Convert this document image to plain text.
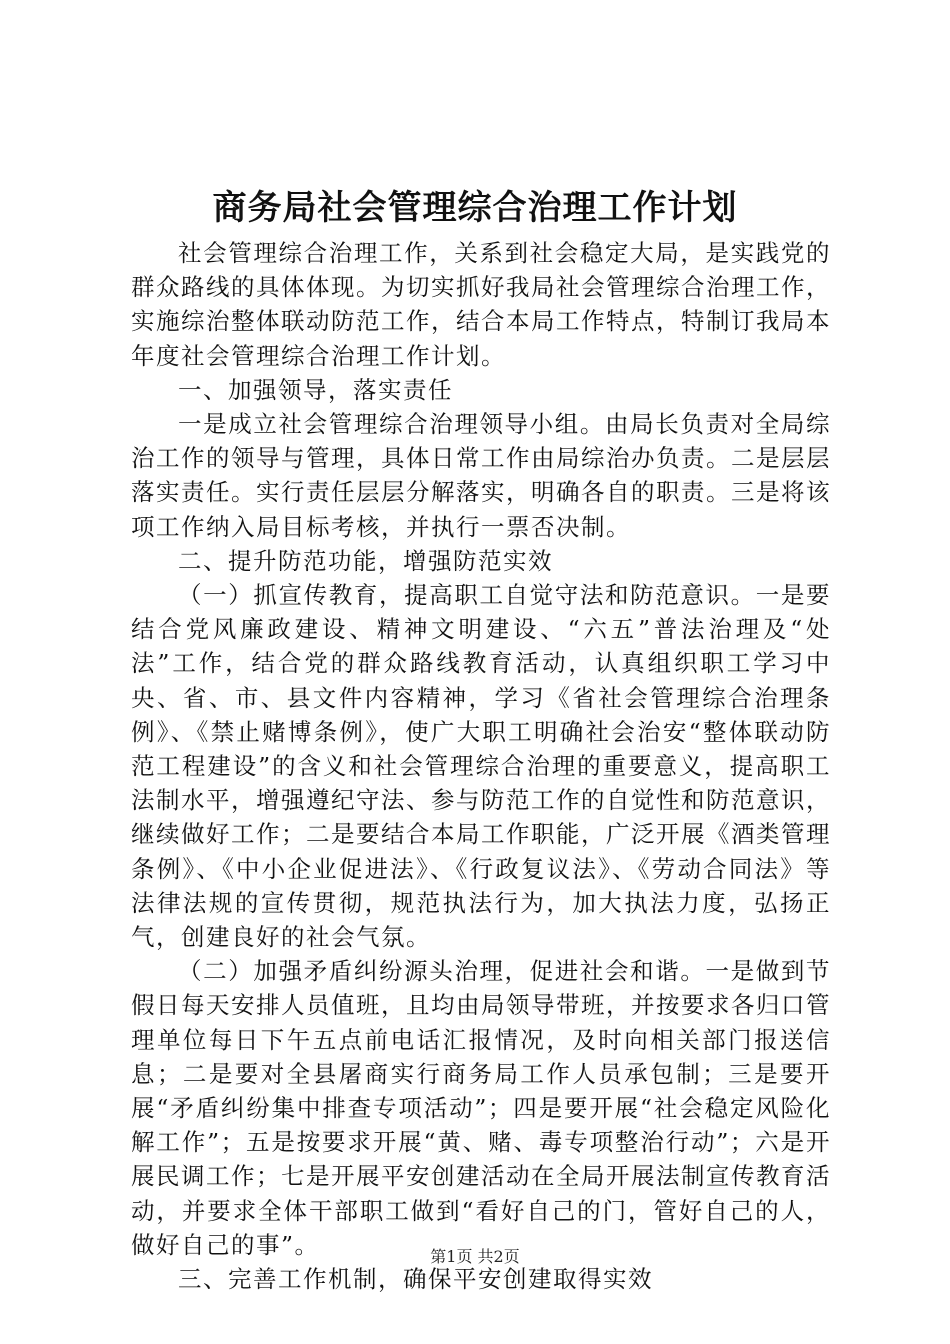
商务局社会管理综合治理工作计划

社会管理综合治理工作，关系到社会稳定大局，是实践党的群众路线的具体体现。为切实抓好我局社会管理综合治理工作，实施综治整体联动防范工作，结合本局工作特点，特制订我局本年度社会管理综合治理工作计划。

一、加强领导，落实责任

一是成立社会管理综合治理领导小组。由局长负责对全局综治工作的领导与管理，具体日常工作由局综治办负责。二是层层落实责任。实行责任层层分解落实，明确各自的职责。三是将该项工作纳入局目标考核，并执行一票否决制。

二、提升防范功能，增强防范实效

（一）抓宣传教育，提高职工自觉守法和防范意识。一是要结合党风廉政建设、精神文明建设、“六五”普法治理及“处法”工作，结合党的群众路线教育活动，认真组织职工学习中央、省、市、县文件内容精神，学习《省社会管理综合治理条例》、《禁止赌博条例》，使广大职工明确社会治安“整体联动防范工程建设”的含义和社会管理综合治理的重要意义，提高职工法制水平，增强遵纪守法、参与防范工作的自觉性和防范意识，继续做好工作；二是要结合本局工作职能，广泛开展《酒类管理条例》、《中小企业促进法》、《行政复议法》、《劳动合同法》等法律法规的宣传贯彻，规范执法行为，加大执法力度，弘扬正气，创建良好的社会气氛。

（二）加强矛盾纠纷源头治理，促进社会和谐。一是做到节假日每天安排人员值班，且均由局领导带班，并按要求各归口管理单位每日下午五点前电话汇报情况，及时向相关部门报送信息；二是要对全县屠商实行商务局工作人员承包制；三是要开展“矛盾纠纷集中排查专项活动”；四是要开展“社会稳定风险化解工作”；五是按要求开展“黄、赌、毒专项整治行动”；六是开展民调工作；七是开展平安创建活动在全局开展法制宣传教育活动，并要求全体干部职工做到“看好自己的门，管好自己的人，做好自己的事”。

三、完善工作机制，确保平安创建取得实效

第1页 共2页
